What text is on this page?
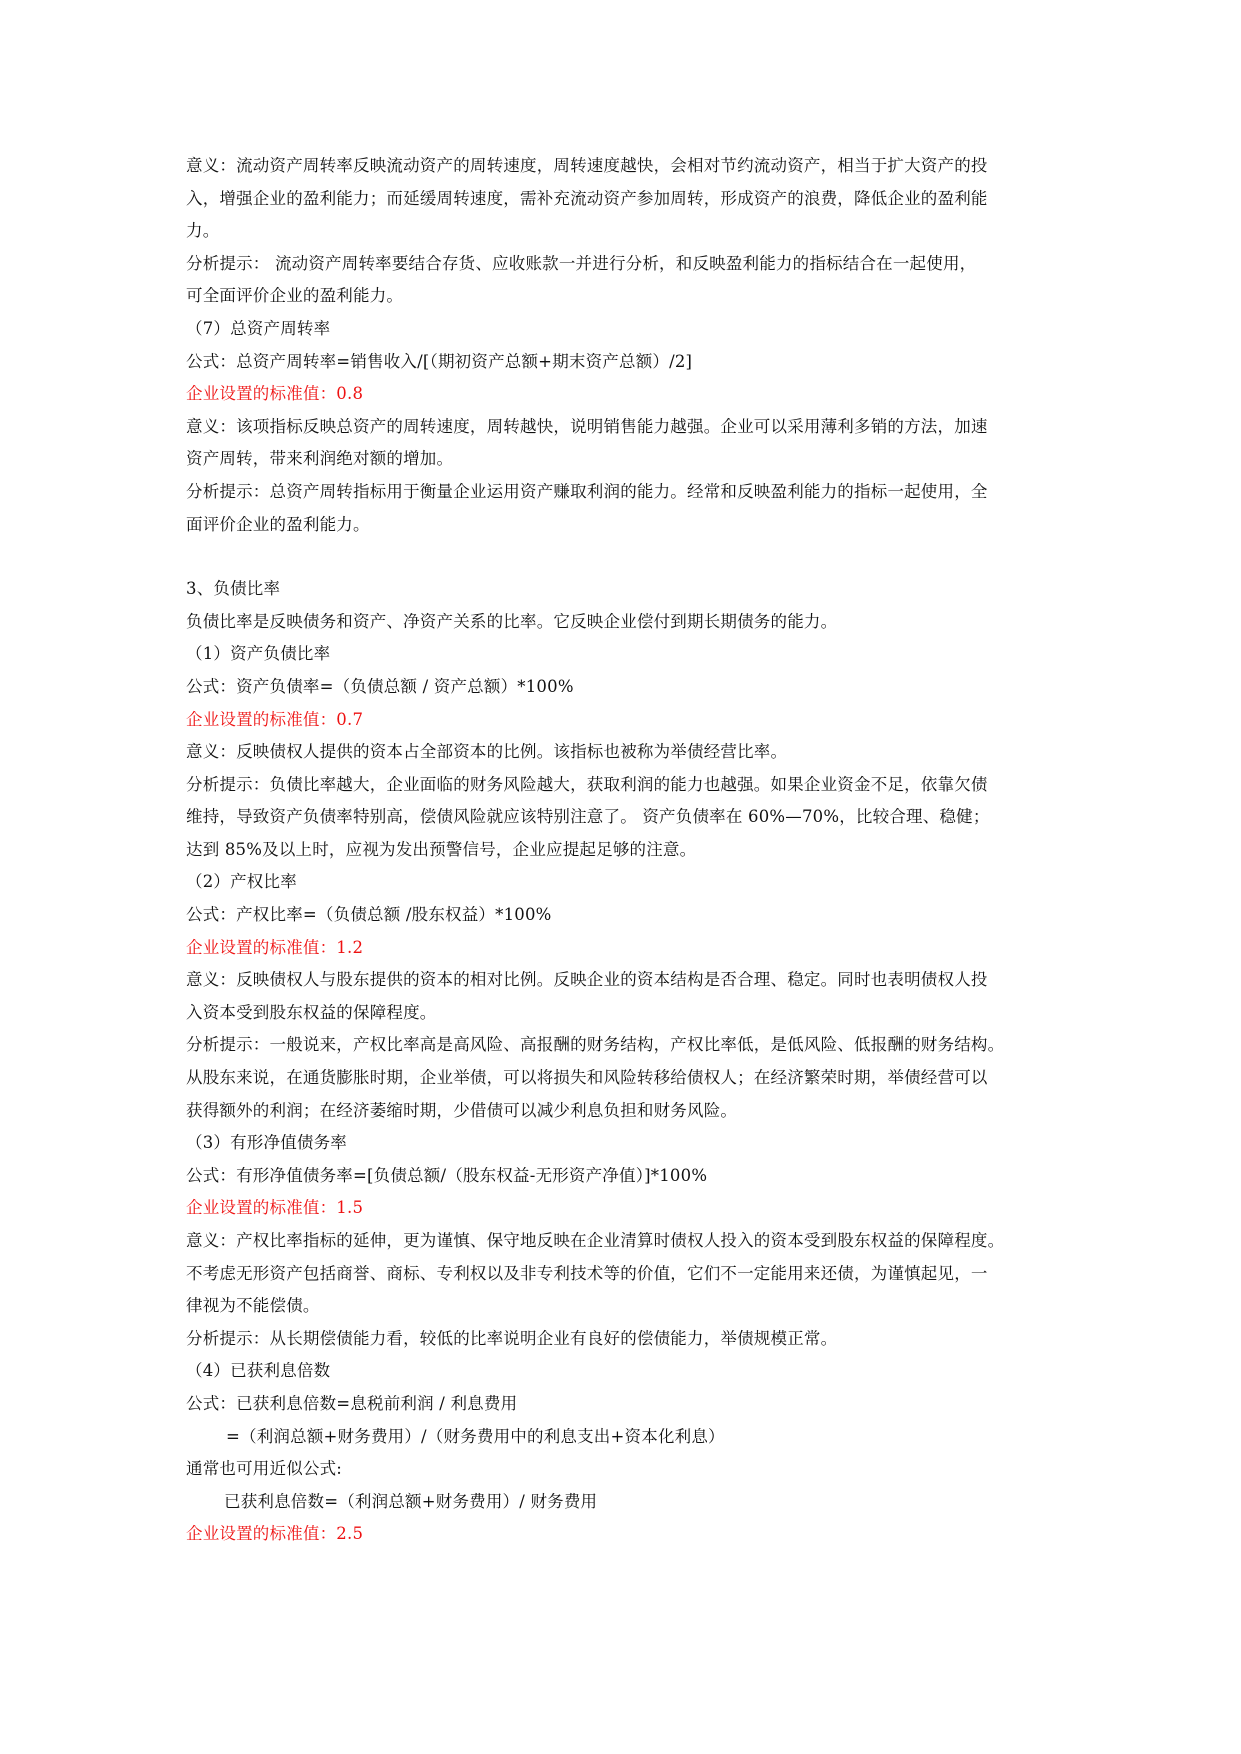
意义：流动资产周转率反映流动资产的周转速度，周转速度越快，会相对节约流动资产，相当于扩大资产的投
入，增强企业的盈利能力；而延缓周转速度，需补充流动资产参加周转，形成资产的浪费，降低企业的盈利能
力。
分析提示： 流动资产周转率要结合存货、应收账款一并进行分析，和反映盈利能力的指标结合在一起使用，
可全面评价企业的盈利能力。
（7）总资产周转率
公式：总资产周转率=销售收入/[（期初资产总额+期末资产总额）/2]
企业设置的标准值：0.8
意义：该项指标反映总资产的周转速度，周转越快，说明销售能力越强。企业可以采用薄利多销的方法，加速
资产周转，带来利润绝对额的增加。
分析提示：总资产周转指标用于衡量企业运用资产赚取利润的能力。经常和反映盈利能力的指标一起使用，全
面评价企业的盈利能力。
3、负债比率
负债比率是反映债务和资产、净资产关系的比率。它反映企业偿付到期长期债务的能力。
（1）资产负债比率
公式：资产负债率=（负债总额 / 资产总额）*100%
企业设置的标准值：0.7
意义：反映债权人提供的资本占全部资本的比例。该指标也被称为举债经营比率。
分析提示：负债比率越大，企业面临的财务风险越大，获取利润的能力也越强。如果企业资金不足，依靠欠债
维持，导致资产负债率特别高，偿债风险就应该特别注意了。 资产负债率在 60%—70%，比较合理、稳健；
达到 85%及以上时，应视为发出预警信号，企业应提起足够的注意。
（2）产权比率
公式：产权比率=（负债总额 /股东权益）*100%
企业设置的标准值：1.2
意义：反映债权人与股东提供的资本的相对比例。反映企业的资本结构是否合理、稳定。同时也表明债权人投
入资本受到股东权益的保障程度。
分析提示：一般说来，产权比率高是高风险、高报酬的财务结构，产权比率低，是低风险、低报酬的财务结构。
从股东来说，在通货膨胀时期，企业举债，可以将损失和风险转移给债权人；在经济繁荣时期，举债经营可以
获得额外的利润；在经济萎缩时期，少借债可以减少利息负担和财务风险。
（3）有形净值债务率
公式：有形净值债务率=[负债总额/（股东权益-无形资产净值）]*100%
企业设置的标准值：1.5
意义：产权比率指标的延伸，更为谨慎、保守地反映在企业清算时债权人投入的资本受到股东权益的保障程度。
不考虑无形资产包括商誉、商标、专利权以及非专利技术等的价值，它们不一定能用来还债，为谨慎起见，一
律视为不能偿债。
分析提示：从长期偿债能力看，较低的比率说明企业有良好的偿债能力，举债规模正常。
（4）已获利息倍数
公式：已获利息倍数=息税前利润 / 利息费用
=（利润总额+财务费用）/（财务费用中的利息支出+资本化利息）
通常也可用近似公式:
已获利息倍数=（利润总额+财务费用）/ 财务费用
企业设置的标准值：2.5
